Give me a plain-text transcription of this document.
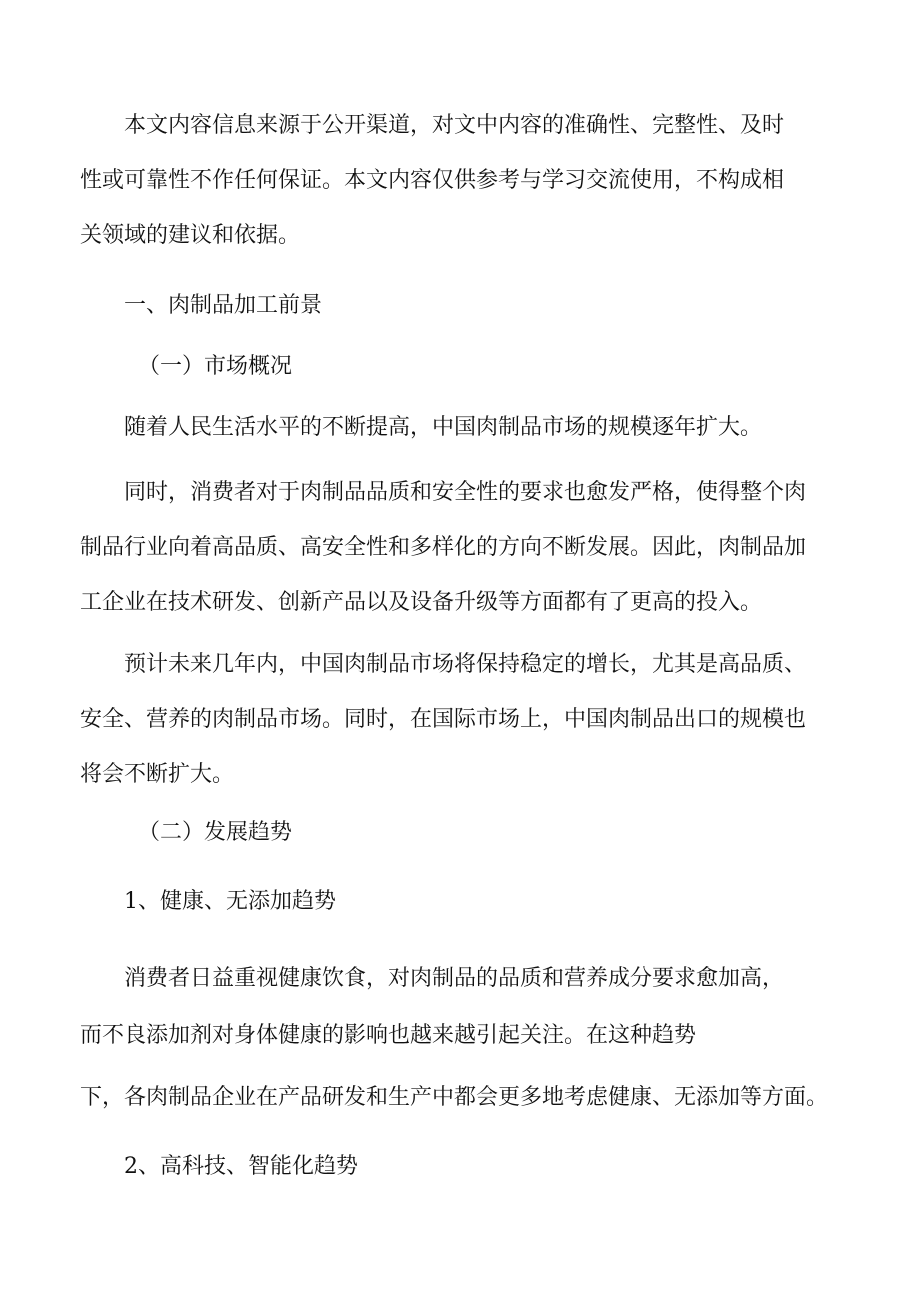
本文内容信息来源于公开渠道，对文中内容的准确性、完整性、及时
性或可靠性不作任何保证。本文内容仅供参考与学习交流使用，不构成相
关领域的建议和依据。
一、肉制品加工前景
（一）市场概况
随着人民生活水平的不断提高，中国肉制品市场的规模逐年扩大。
同时，消费者对于肉制品品质和安全性的要求也愈发严格，使得整个肉
制品行业向着高品质、高安全性和多样化的方向不断发展。因此，肉制品加
工企业在技术研发、创新产品以及设备升级等方面都有了更高的投入。
预计未来几年内，中国肉制品市场将保持稳定的增长，尤其是高品质、
安全、营养的肉制品市场。同时，在国际市场上，中国肉制品出口的规模也
将会不断扩大。
（二）发展趋势
1、健康、无添加趋势
消费者日益重视健康饮食，对肉制品的品质和营养成分要求愈加高，
而不良添加剂对身体健康的影响也越来越引起关注。在这种趋势
下，各肉制品企业在产品研发和生产中都会更多地考虑健康、无添加等方面。
2、高科技、智能化趋势
